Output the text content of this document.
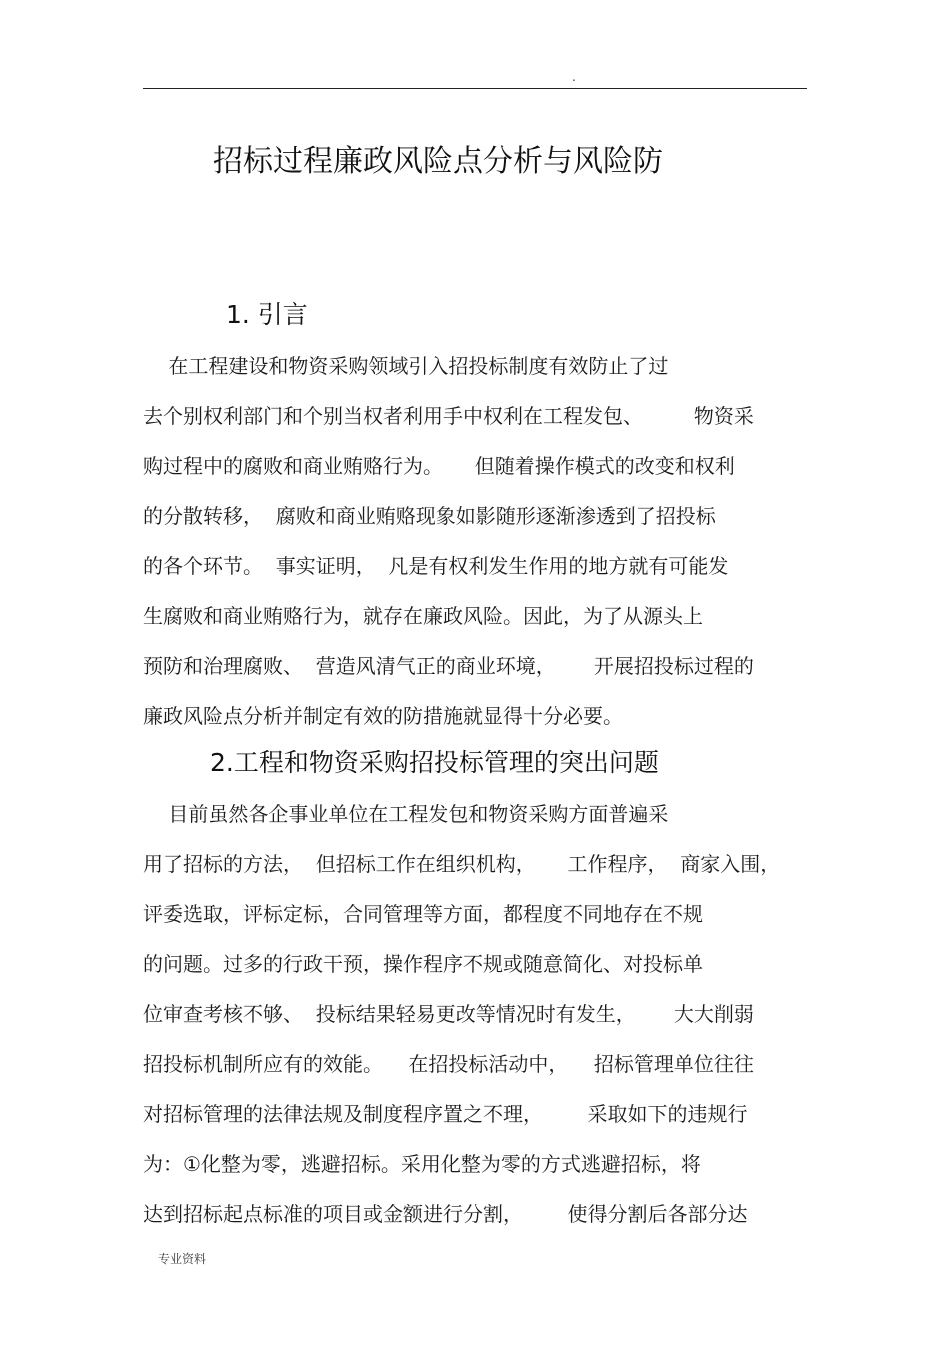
.
招标过程廉政风险点分析与风险防
1. 引言
在工程建设和物资采购领域引入招投标制度有效防止了过
去个别权利部门和个别当权者利用手中权利在工程发包、        物资采
购过程中的腐败和商业贿赂行为。     但随着操作模式的改变和权利
的分散转移，  腐败和商业贿赂现象如影随形逐渐渗透到了招投标
的各个环节。  事实证明，  凡是有权利发生作用的地方就有可能发
生腐败和商业贿赂行为，就存在廉政风险。因此，为了从源头上
预防和治理腐败、  营造风清气正的商业环境，      开展招投标过程的
廉政风险点分析并制定有效的防措施就显得十分必要。
2.工程和物资采购招投标管理的突出问题
目前虽然各企事业单位在工程发包和物资采购方面普遍采
用了招标的方法，  但招标工作在组织机构，     工作程序，  商家入围，
评委选取，评标定标，合同管理等方面，都程度不同地存在不规
的问题。过多的行政干预，操作程序不规或随意简化、对投标单
位审查考核不够、  投标结果轻易更改等情况时有发生，      大大削弱
招投标机制所应有的效能。    在招投标活动中，    招标管理单位往往
对招标管理的法律法规及制度程序置之不理，       采取如下的违规行
为：①化整为零，逃避招标。采用化整为零的方式逃避招标，将
达到招标起点标准的项目或金额进行分割，       使得分割后各部分达
专业资料
